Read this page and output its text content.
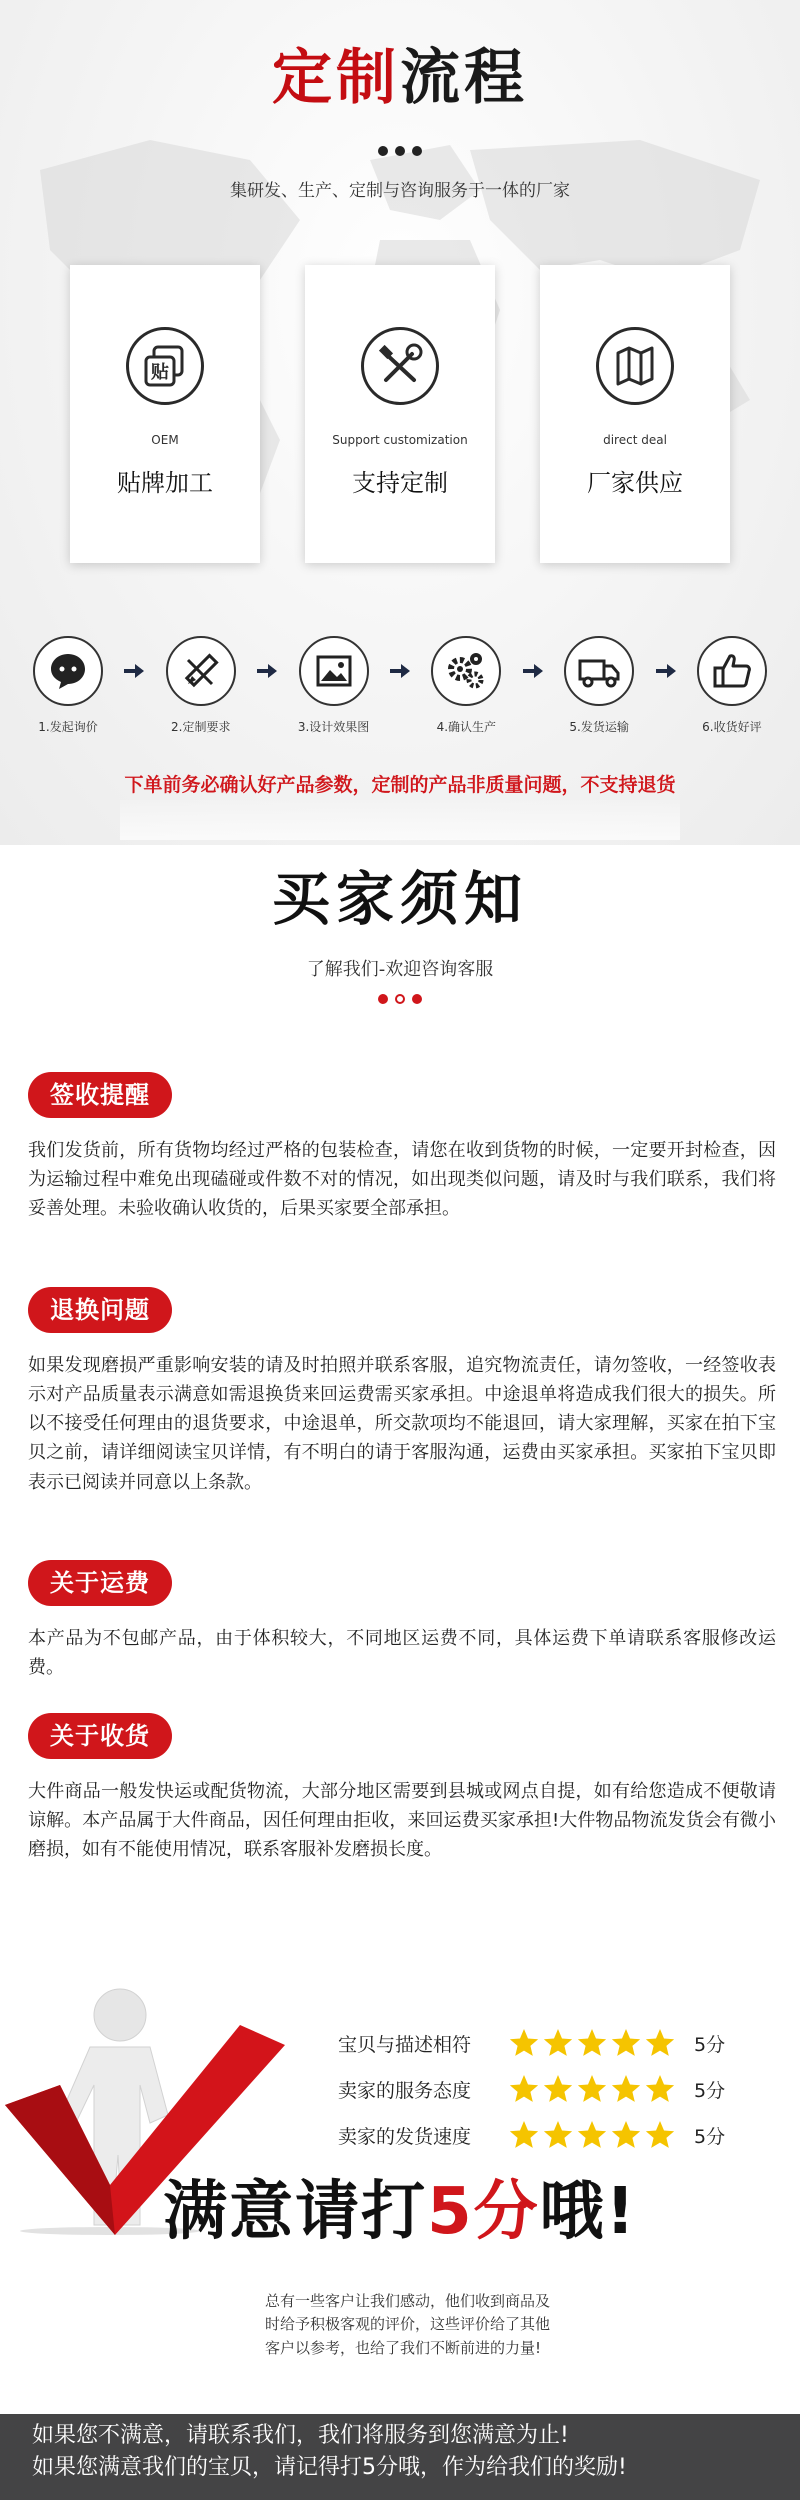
定制流程
集研发、生产、定制与咨询服务于一体的厂家
贴
OEM
贴牌加工
Support customization
支持定制
direct deal
厂家供应
1.发起询价	2.定制要求	3.设计效果图	4.确认生产	5.发货运输	6.收货好评
下单前务必确认好产品参数，定制的产品非质量问题，不支持退货
买家须知
了解我们-欢迎咨询客服
签收提醒
我们发货前，所有货物均经过严格的包装检查，请您在收到货物的时候，一定要开封检查，因为运输过程中难免出现磕碰或件数不对的情况，如出现类似问题，请及时与我们联系，我们将妥善处理。未验收确认收货的，后果买家要全部承担。
退换问题
如果发现磨损严重影响安装的请及时拍照并联系客服，追究物流责任，请勿签收，一经签收表示对产品质量表示满意如需退换货来回运费需买家承担。中途退单将造成我们很大的损失。所以不接受任何理由的退货要求，中途退单，所交款项均不能退回，请大家理解，买家在拍下宝贝之前，请详细阅读宝贝详情，有不明白的请于客服沟通，运费由买家承担。买家拍下宝贝即表示已阅读并同意以上条款。
关于运费
本产品为不包邮产品，由于体积较大，不同地区运费不同，具体运费下单请联系客服修改运费。
关于收货
大件商品一般发快运或配货物流，大部分地区需要到县城或网点自提，如有给您造成不便敬请谅解。本产品属于大件商品，因任何理由拒收，来回运费买家承担!大件物品物流发货会有微小磨损，如有不能使用情况，联系客服补发磨损长度。
宝贝与描述相符	5分
卖家的服务态度	5分
卖家的发货速度	5分
满意请打5分哦!
总有一些客户让我们感动，他们收到商品及时给予积极客观的评价，这些评价给了其他客户以参考，也给了我们不断前进的力量!
如果您不满意，请联系我们，我们将服务到您满意为止!
如果您满意我们的宝贝，请记得打5分哦，作为给我们的奖励!
